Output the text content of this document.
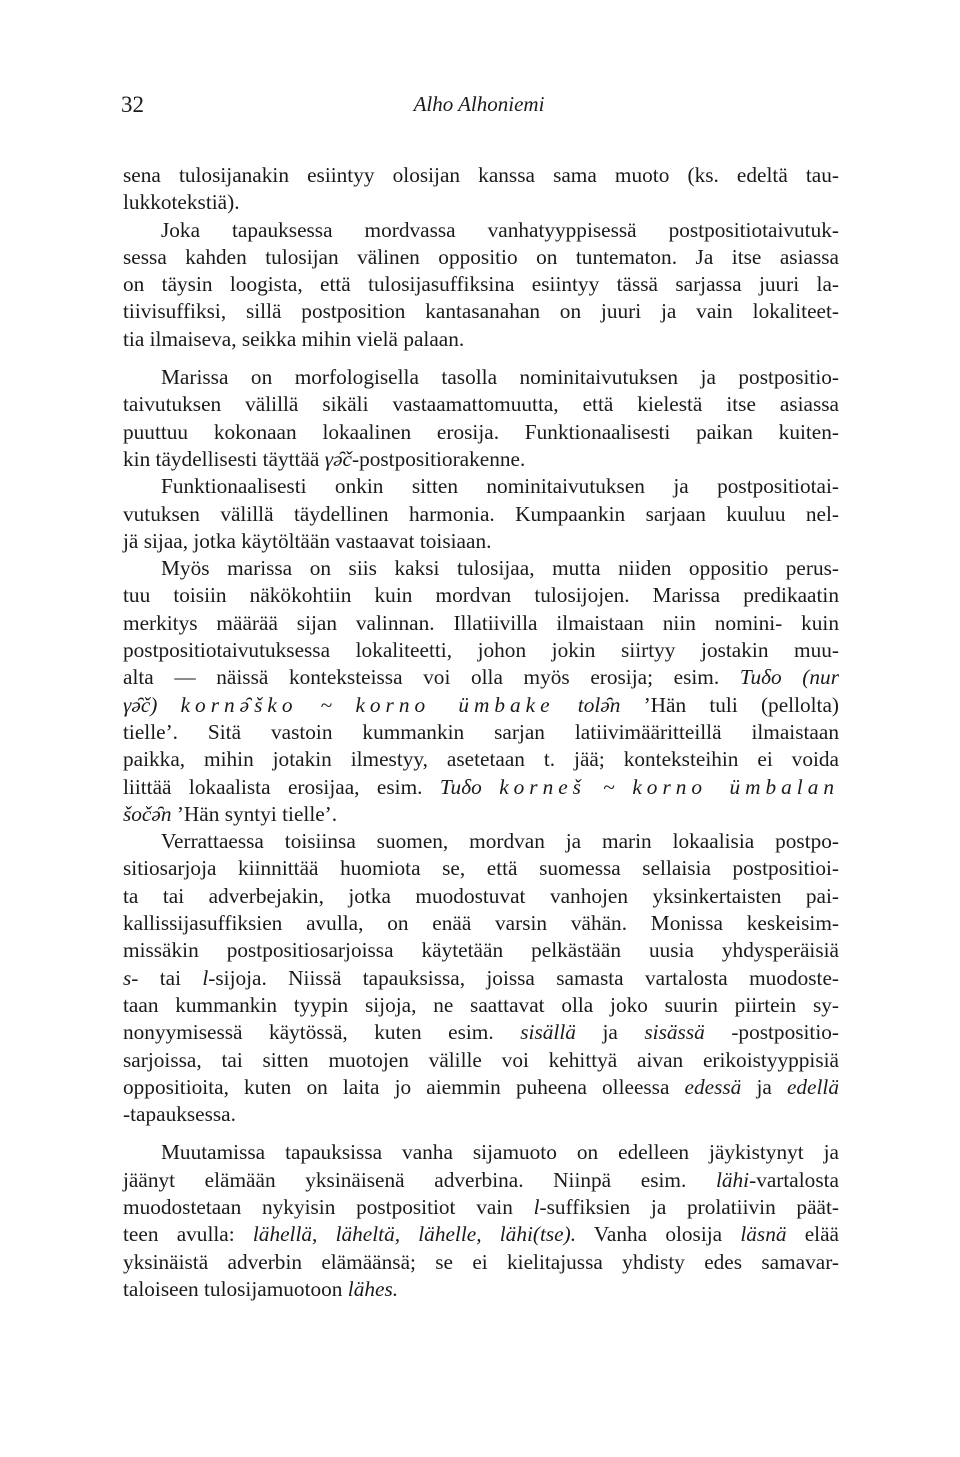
32	Alho Alhoniemi
sena tulosijanakin esiintyy olosijan kanssa sama muoto (ks. edeltä tau-
lukkotekstiä).
Joka tapauksessa mordvassa vanhatyyppisessä postpositiotaivutuk-
sessa kahden tulosijan välinen oppositio on tuntematon. Ja itse asiassa
on täysin loogista, että tulosijasuffiksina esiintyy tässä sarjassa juuri la-
tiivisuffiksi, sillä postposition kantasanahan on juuri ja vain lokaliteet-
tia ilmaiseva, seikka mihin vielä palaan.
Marissa on morfologisella tasolla nominitaivutuksen ja postpositio-
taivutuksen välillä sikäli vastaamattomuutta, että kielestä itse asiassa
puuttuu kokonaan lokaalinen erosija. Funktionaalisesti paikan kuiten-
kin täydellisesti täyttää γə̑č-postpositiorakenne.
Funktionaalisesti onkin sitten nominitaivutuksen ja postpositiotai-
vutuksen välillä täydellinen harmonia. Kumpaankin sarjaan kuuluu nel-
jä sijaa, jotka käytöltään vastaavat toisiaan.
Myös marissa on siis kaksi tulosijaa, mutta niiden oppositio perus-
tuu toisiin näkökohtiin kuin mordvan tulosijojen. Marissa predikaatin
merkitys määrää sijan valinnan. Illatiivilla ilmaistaan niin nomini- kuin
postpositiotaivutuksessa lokaliteetti, johon jokin siirtyy jostakin muu-
alta — näissä konteksteissa voi olla myös erosija; esim. Tuδo (nur
γə̑č) kornə̑ško ~ korno ümbake tolə̑n ’Hän tuli (pellolta)
tielle’. Sitä vastoin kummankin sarjan latiivimääritteillä ilmaistaan
paikka, mihin jotakin ilmestyy, asetetaan t. jää; konteksteihin ei voida
liittää lokaalista erosijaa, esim. Tuδo korneš ~ korno ümbalan
šočə̑n ’Hän syntyi tielle’.
Verrattaessa toisiinsa suomen, mordvan ja marin lokaalisia postpo-
sitiosarjoja kiinnittää huomiota se, että suomessa sellaisia postpositioi-
ta tai adverbejakin, jotka muodostuvat vanhojen yksinkertaisten pai-
kallissijasuffiksien avulla, on enää varsin vähän. Monissa keskeisim-
missäkin postpositiosarjoissa käytetään pelkästään uusia yhdysperäisiä
s- tai l-sijoja. Niissä tapauksissa, joissa samasta vartalosta muodoste-
taan kummankin tyypin sijoja, ne saattavat olla joko suurin piirtein sy-
nonyymisessä käytössä, kuten esim. sisällä ja sisässä -postpositio-
sarjoissa, tai sitten muotojen välille voi kehittyä aivan erikoistyyppisiä
oppositioita, kuten on laita jo aiemmin puheena olleessa edessä ja edellä
-tapauksessa.
Muutamissa tapauksissa vanha sijamuoto on edelleen jäykistynyt ja
jäänyt elämään yksinäisenä adverbina. Niinpä esim. lähi-vartalosta
muodostetaan nykyisin postpositiot vain l-suffiksien ja prolatiivin päät-
teen avulla: lähellä, läheltä, lähelle, lähi(tse). Vanha olosija läsnä elää
yksinäistä adverbin elämäänsä; se ei kielitajussa yhdisty edes samavar-
taloiseen tulosijamuotoon lähes.
